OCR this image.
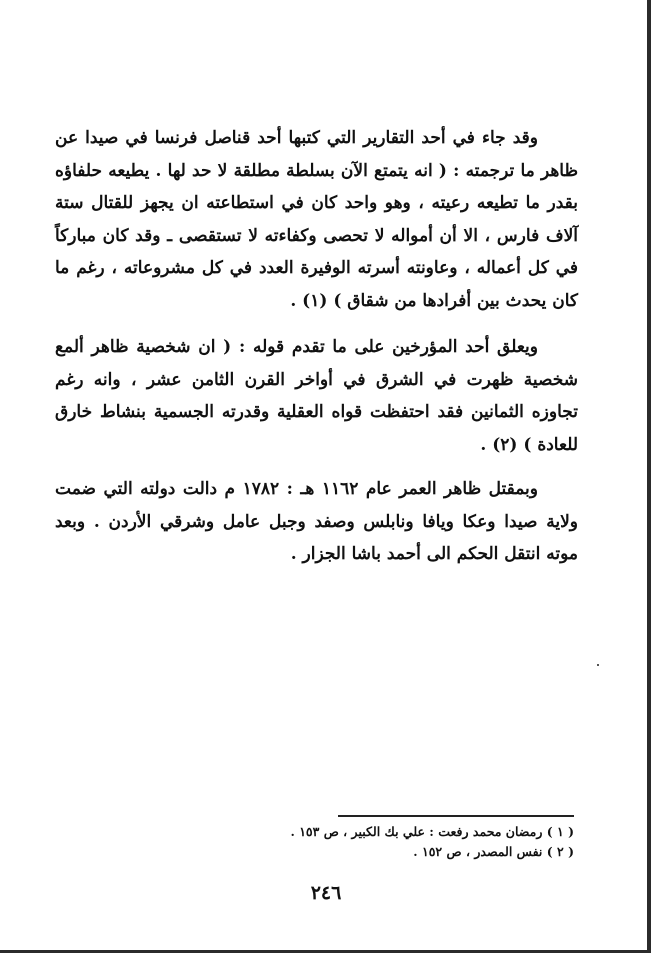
وقد جاء في أحد التقارير التي كتبها أحد قناصل فرنسا في صيدا عن ظاهر ما ترجمته : ( انه يتمتع الآن بسلطة مطلقة لا حد لها . يطيعه حلفاؤه بقدر ما تطيعه رعيته ، وهو واحد كان في استطاعته ان يجهز للقتال ستة آلاف فارس ، الا أن أمواله لا تحصى وكفاءته لا تستقصى ـ وقد كان مباركاً في كل أعماله ، وعاونته أسرته الوفيرة العدد في كل مشروعاته ، رغم ما كان يحدث بين أفرادها من شقاق ) (١) .

ويعلق أحد المؤرخين على ما تقدم قوله : ( ان شخصية ظاهر ألمع شخصية ظهرت في الشرق في أواخر القرن الثامن عشر ، وانه رغم تجاوزه الثمانين فقد احتفظت قواه العقلية وقدرته الجسمية بنشاط خارق للعادة ) (٢) .

وبمقتل ظاهر العمر عام ١١٦٢ هـ : ١٧٨٢ م دالت دولته التي ضمت ولاية صيدا وعكا ويافا ونابلس وصفد وجبل عامل وشرقي الأردن . وبعد موته انتقل الحكم الى أحمد باشا الجزار .

( ١ ) رمضان محمد رفعت : علي بك الكبير ، ص ١٥٣ .

( ٢ ) نفس المصدر ، ص ١٥٢ .

٢٤٦
